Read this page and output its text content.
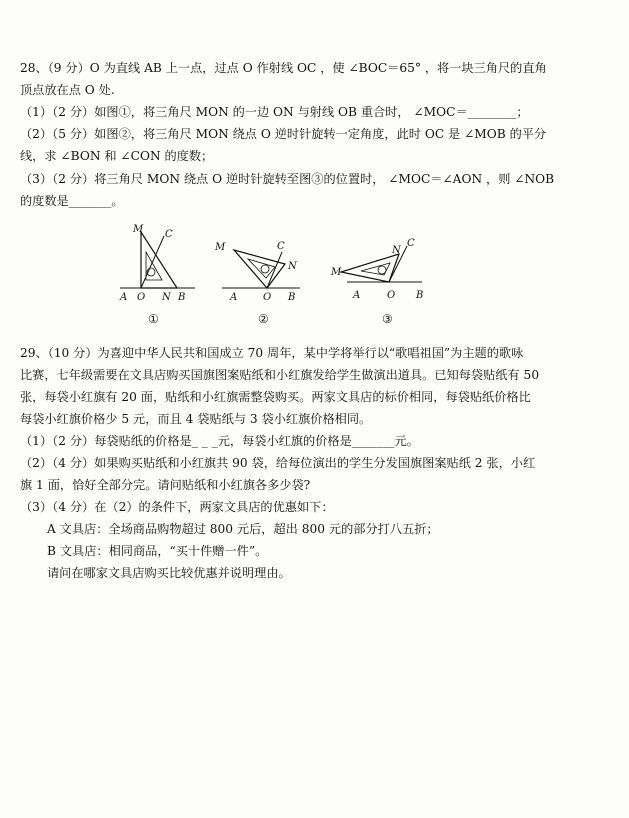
28、（9 分）O 为直线 AB 上一点，过点 O 作射线 OC ，使 ∠BOC＝65° ，将一块三角尺的直角
顶点放在点 O 处.
（1）（2 分）如图①，将三角尺 MON 的一边 ON 与射线 OB 重合时， ∠MOC＝________；
（2）（5 分）如图②，将三角尺 MON 绕点 O 逆时针旋转一定角度，此时 OC 是 ∠MOB 的平分
线，求 ∠BON 和 ∠CON 的度数；
（3）（2 分）将三角尺 MON 绕点 O 逆时针旋转至图③的位置时， ∠MOC＝∠AON ，则 ∠NOB
的度数是_______。
M C
A O N B
①
M	C
N
A	O B
②
N
C
M
A	O B
③
29、（10 分）为喜迎中华人民共和国成立 70 周年，某中学将举行以“歌唱祖国”为主题的歌咏
比赛，七年级需要在文具店购买国旗图案贴纸和小红旗发给学生做演出道具。已知每袋贴纸有 50
张，每袋小红旗有 20 面，贴纸和小红旗需整袋购买。两家文具店的标价相同，每袋贴纸价格比
每袋小红旗价格少 5 元，而且 4 袋贴纸与 3 袋小红旗价格相同。
（1）（2 分）每袋贴纸的价格是_ _ _元，每袋小红旗的价格是_______元。
（2）（4 分）如果购买贴纸和小红旗共 90 袋，给每位演出的学生分发国旗图案贴纸 2 张，小红
旗 1 面，恰好全部分完。请问贴纸和小红旗各多少袋?
（3）（4 分）在（2）的条件下，两家文具店的优惠如下：
A 文具店：全场商品购物超过 800 元后，超出 800 元的部分打八五折；
B 文具店：相同商品，“买十件赠一件”。
请问在哪家文具店购买比较优惠并说明理由。
